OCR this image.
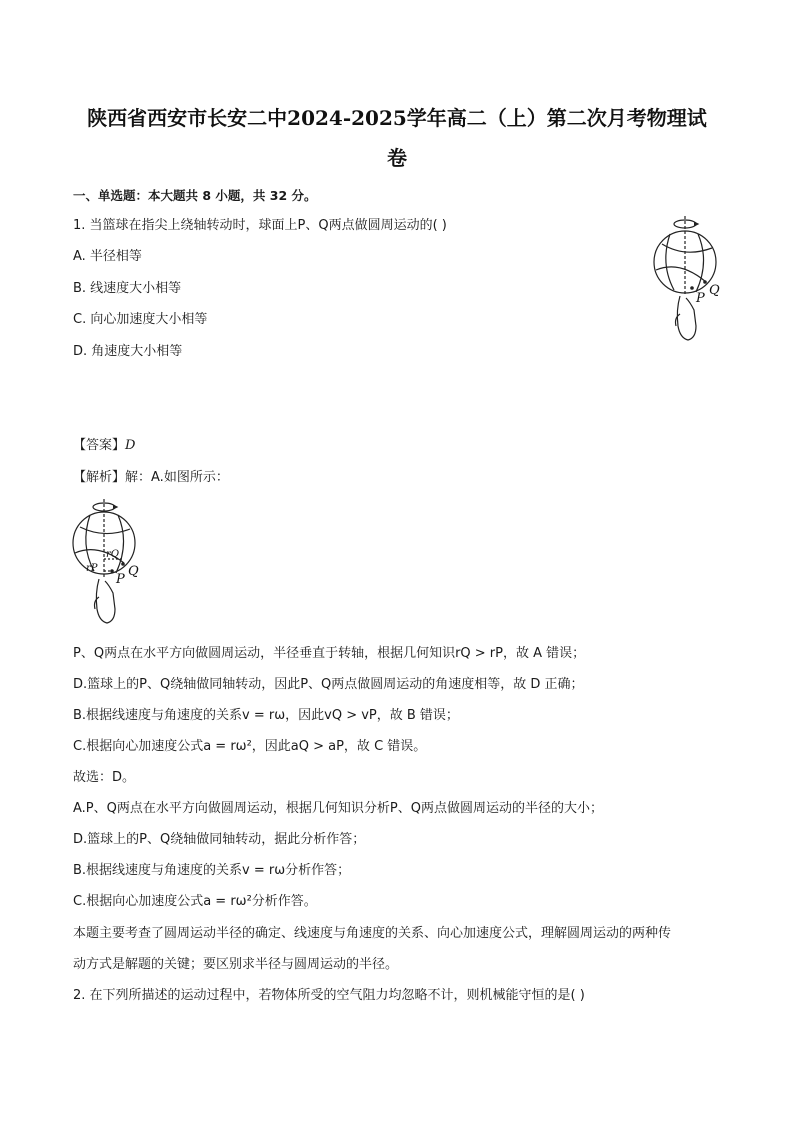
陕西省西安市长安二中2024-2025学年高二（上）第二次月考物理试
卷
一、单选题：本大题共 8 小题，共 32 分。
1. 当篮球在指尖上绕轴转动时，球面上P、Q两点做圆周运动的( )
A. 半径相等
B. 线速度大小相等
C. 向心加速度大小相等
D. 角速度大小相等
P
Q
【答案】D
【解析】解：A.如图所示：
rQ
rP
P
Q
P、Q两点在水平方向做圆周运动，半径垂直于转轴，根据几何知识rQ > rP，故 A 错误；
D.篮球上的P、Q绕轴做同轴转动，因此P、Q两点做圆周运动的角速度相等，故 D 正确；
B.根据线速度与角速度的关系v = rω，因此vQ > vP，故 B 错误；
C.根据向心加速度公式a = rω²，因此aQ > aP，故 C 错误。
故选：D。
A.P、Q两点在水平方向做圆周运动，根据几何知识分析P、Q两点做圆周运动的半径的大小；
D.篮球上的P、Q绕轴做同轴转动，据此分析作答；
B.根据线速度与角速度的关系v = rω分析作答；
C.根据向心加速度公式a = rω²分析作答。
本题主要考查了圆周运动半径的确定、线速度与角速度的关系、向心加速度公式，理解圆周运动的两种传
动方式是解题的关键；要区别求半径与圆周运动的半径。
2. 在下列所描述的运动过程中，若物体所受的空气阻力均忽略不计，则机械能守恒的是( )
